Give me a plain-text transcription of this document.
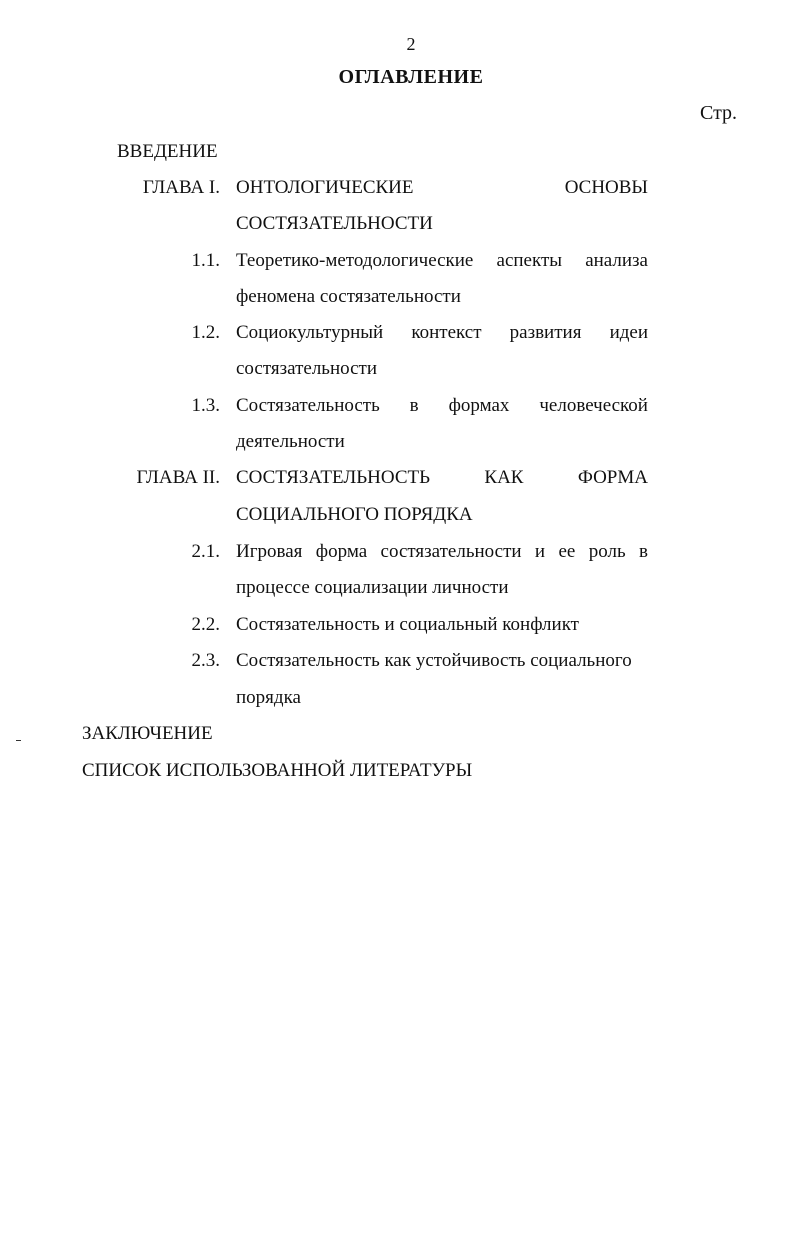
2
ОГЛАВЛЕНИЕ
Стр.
ВВЕДЕНИЕ
ГЛАВА I. ОНТОЛОГИЧЕСКИЕ	ОСНОВЫ
СОСТЯЗАТЕЛЬНОСТИ
1.1. Теоретико-методологические аспекты анализа
феномена состязательности
1.2. Социокультурный контекст развития идеи
состязательности
1.3. Состязательность в формах человеческой
деятельности
ГЛАВА II. СОСТЯЗАТЕЛЬНОСТЬ	КАК	ФОРМА
СОЦИАЛЬНОГО ПОРЯДКА
2.1. Игровая форма состязательности и ее роль в
процессе социализации личности
2.2. Состязательность и социальный конфликт
2.3. Состязательность как устойчивость социального
порядка
ЗАКЛЮЧЕНИЕ
СПИСОК ИСПОЛЬЗОВАННОЙ ЛИТЕРАТУРЫ
